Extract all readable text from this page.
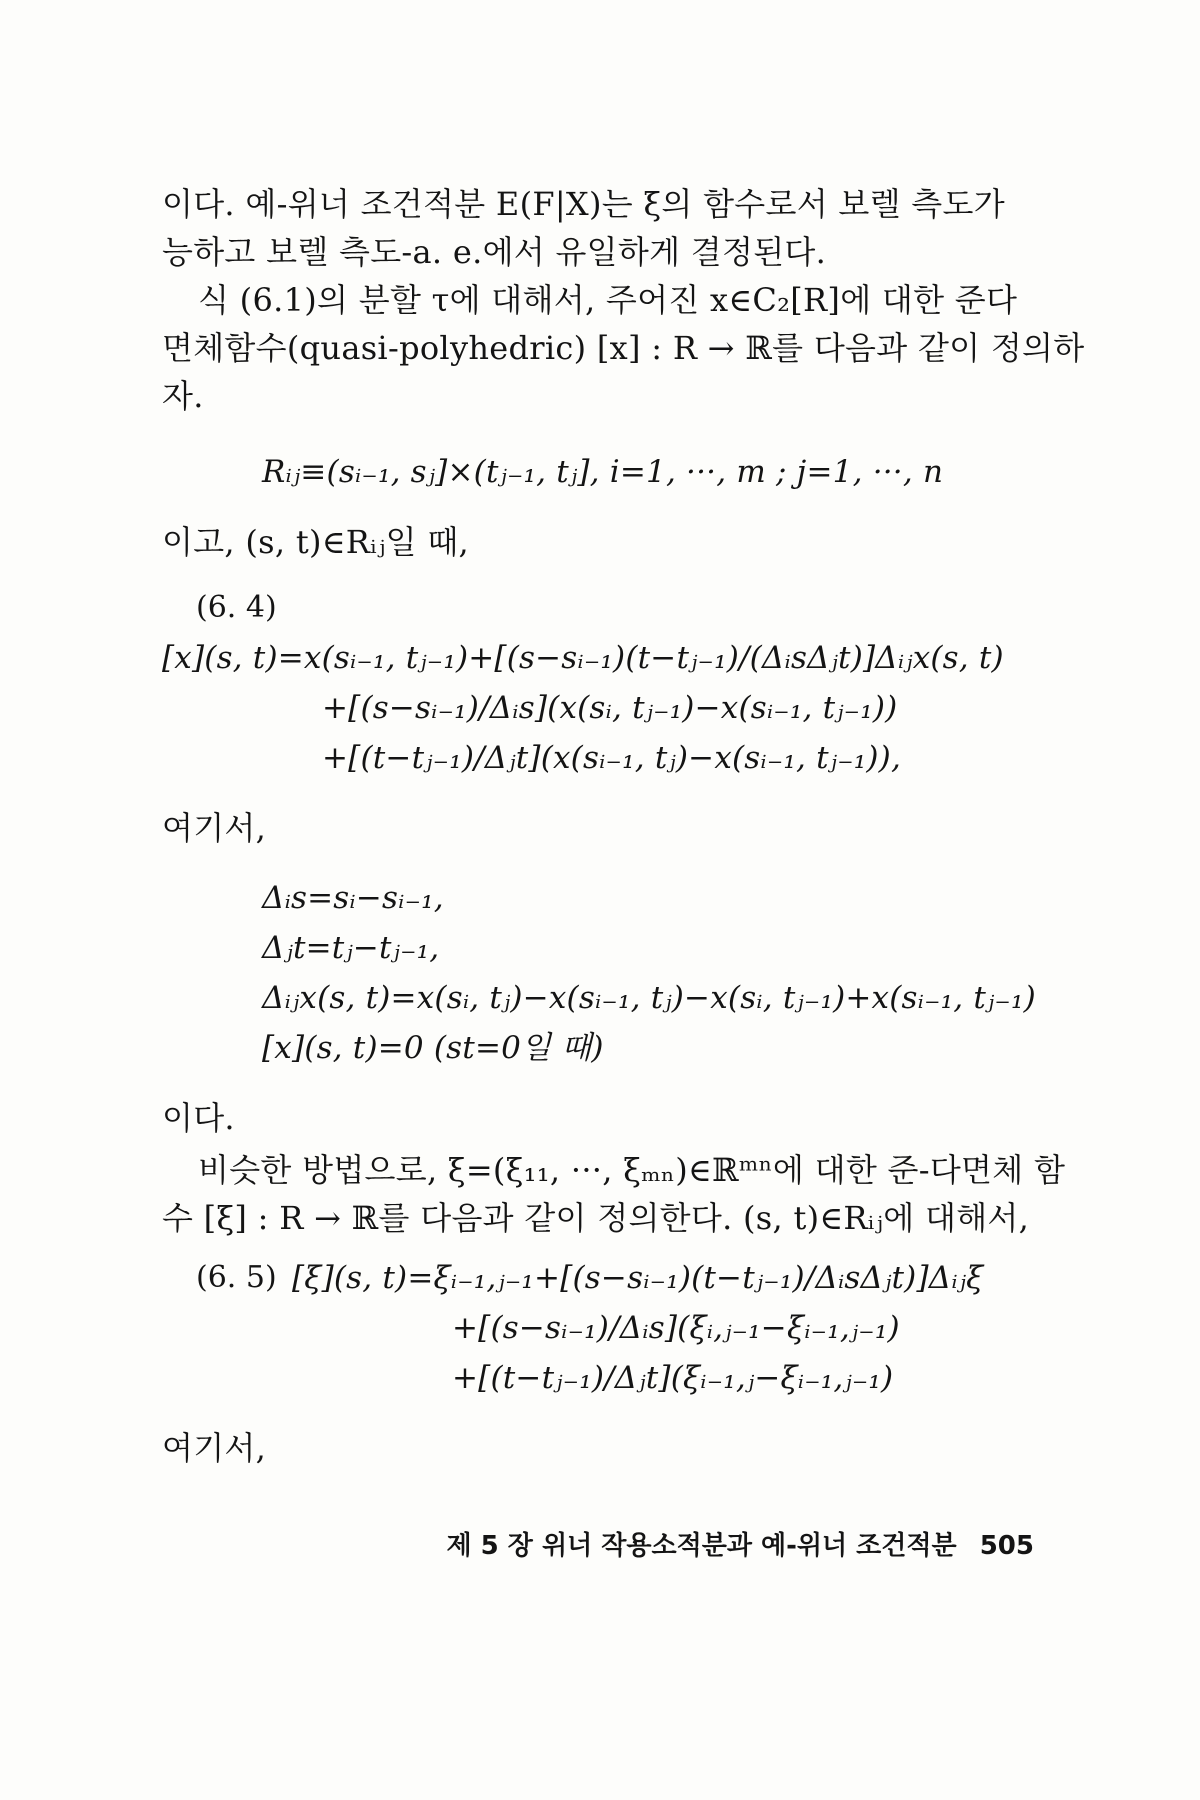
이다. 예-위너 조건적분 E(F|X)는 ξ의 함수로서 보렐 측도가
능하고 보렐 측도-a. e.에서 유일하게 결정된다.
식 (6.1)의 분할 τ에 대해서, 주어진 x∈C₂[R]에 대한 준다
면체함수(quasi-polyhedric) [x] : R → ℝ를 다음과 같이 정의하
자.
Rᵢⱼ≡(sᵢ₋₁, sⱼ]×(tⱼ₋₁, tⱼ], i=1, ···, m ; j=1, ···, n
이고, (s, t)∈Rᵢⱼ일 때,
(6. 4)
[x](s, t)=x(sᵢ₋₁, tⱼ₋₁)+[(s−sᵢ₋₁)(t−tⱼ₋₁)/(ΔᵢsΔⱼt)]Δᵢⱼx(s, t)
+[(s−sᵢ₋₁)/Δᵢs](x(sᵢ, tⱼ₋₁)−x(sᵢ₋₁, tⱼ₋₁))
+[(t−tⱼ₋₁)/Δⱼt](x(sᵢ₋₁, tⱼ)−x(sᵢ₋₁, tⱼ₋₁)),
여기서,
Δᵢs=sᵢ−sᵢ₋₁,
Δⱼt=tⱼ−tⱼ₋₁,
Δᵢⱼx(s, t)=x(sᵢ, tⱼ)−x(sᵢ₋₁, tⱼ)−x(sᵢ, tⱼ₋₁)+x(sᵢ₋₁, tⱼ₋₁)
[x](s, t)=0 (st=0일 때)
이다.
비슷한 방법으로, ξ=(ξ₁₁, ···, ξₘₙ)∈ℝᵐⁿ에 대한 준-다면체 함
수 [ξ] : R → ℝ를 다음과 같이 정의한다. (s, t)∈Rᵢⱼ에 대해서,
(6. 5) [ξ](s, t)=ξᵢ₋₁,ⱼ₋₁+[(s−sᵢ₋₁)(t−tⱼ₋₁)/ΔᵢsΔⱼt)]Δᵢⱼξ
+[(s−sᵢ₋₁)/Δᵢs](ξᵢ,ⱼ₋₁−ξᵢ₋₁,ⱼ₋₁)
+[(t−tⱼ₋₁)/Δⱼt](ξᵢ₋₁,ⱼ−ξᵢ₋₁,ⱼ₋₁)
여기서,
제 5 장 위너 작용소적분과 예-위너 조건적분 505
